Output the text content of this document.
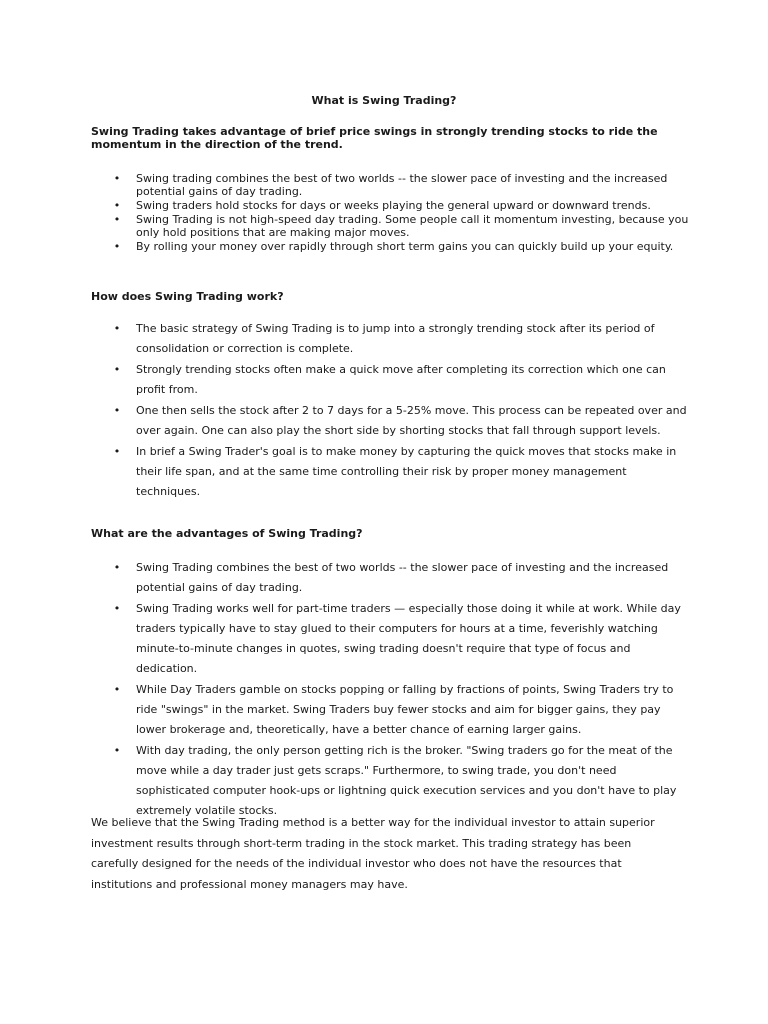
What is Swing Trading?
Swing Trading takes advantage of brief price swings in strongly trending stocks to ride the momentum in the direction of the trend.
• Swing trading combines the best of two worlds -- the slower pace of investing and the increased potential gains of day trading.
• Swing traders hold stocks for days or weeks playing the general upward or downward trends.
• Swing Trading is not high-speed day trading. Some people call it momentum investing, because you only hold positions that are making major moves.
• By rolling your money over rapidly through short term gains you can quickly build up your equity.
How does Swing Trading work?
• The basic strategy of Swing Trading is to jump into a strongly trending stock after its period of consolidation or correction is complete.
• Strongly trending stocks often make a quick move after completing its correction which one can profit from.
• One then sells the stock after 2 to 7 days for a 5-25% move. This process can be repeated over and over again. One can also play the short side by shorting stocks that fall through support levels.
• In brief a Swing Trader's goal is to make money by capturing the quick moves that stocks make in their life span, and at the same time controlling their risk by proper money management techniques.
What are the advantages of Swing Trading?
• Swing Trading combines the best of two worlds -- the slower pace of investing and the increased potential gains of day trading.
• Swing Trading works well for part-time traders — especially those doing it while at work. While day traders typically have to stay glued to their computers for hours at a time, feverishly watching minute-to-minute changes in quotes, swing trading doesn't require that type of focus and dedication.
• While Day Traders gamble on stocks popping or falling by fractions of points, Swing Traders try to ride "swings" in the market. Swing Traders buy fewer stocks and aim for bigger gains, they pay lower brokerage and, theoretically, have a better chance of earning larger gains.
• With day trading, the only person getting rich is the broker. "Swing traders go for the meat of the move while a day trader just gets scraps." Furthermore, to swing trade, you don't need sophisticated computer hook-ups or lightning quick execution services and you don't have to play extremely volatile stocks.

We believe that the Swing Trading method is a better way for the individual investor to attain superior investment results through short-term trading in the stock market. This trading strategy has been carefully designed for the needs of the individual investor who does not have the resources that institutions and professional money managers may have.
